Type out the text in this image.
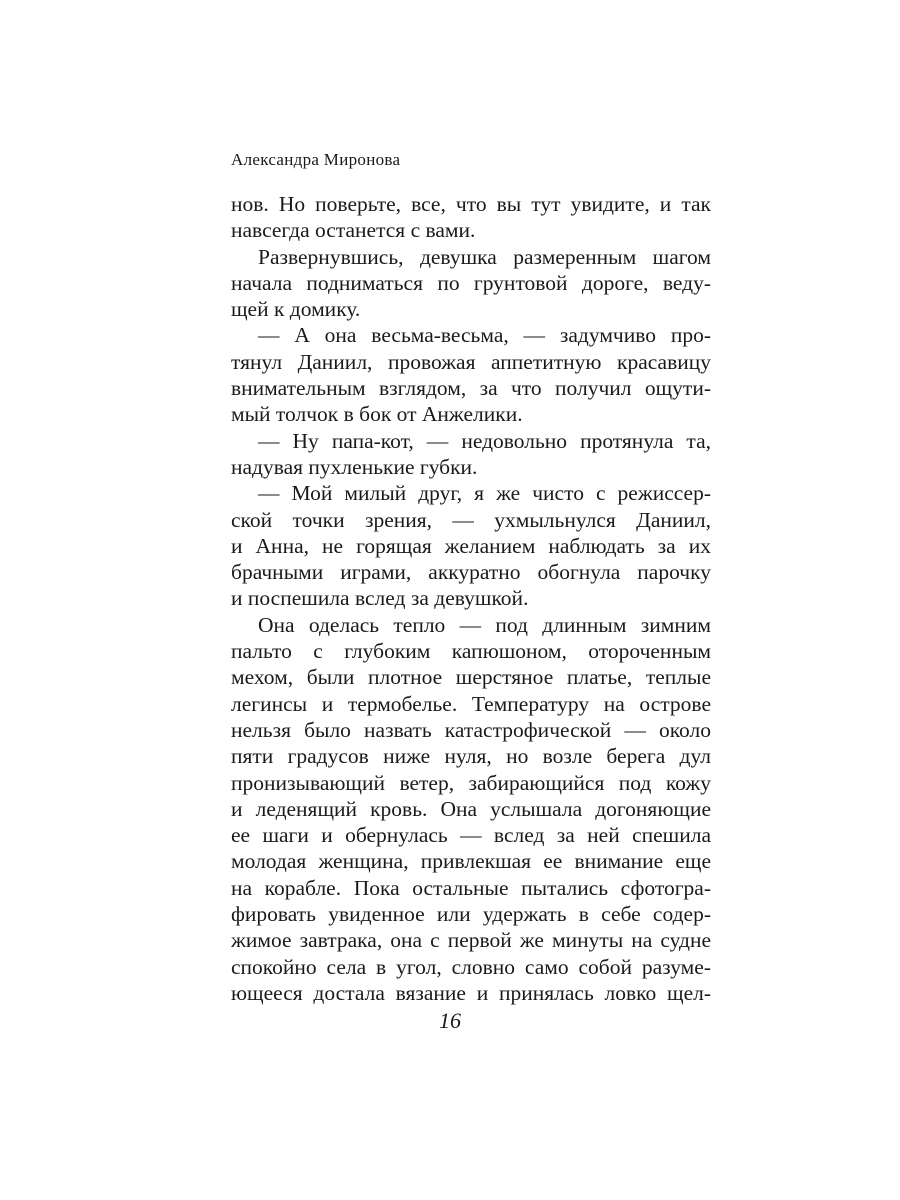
Александра Миронова
нов. Но поверьте, все, что вы тут увидите, и так
навсегда останется с вами.
Развернувшись, девушка размеренным шагом
начала подниматься по грунтовой дороге, веду-
щей к домику.
— А она весьма-весьма, — задумчиво про-
тянул Даниил, провожая аппетитную красавицу
внимательным взглядом, за что получил ощути-
мый толчок в бок от Анжелики.
— Ну папа-кот, — недовольно протянула та,
надувая пухленькие губки.
— Мой милый друг, я же чисто с режиссер-
ской точки зрения, — ухмыльнулся Даниил,
и Анна, не горящая желанием наблюдать за их
брачными играми, аккуратно обогнула парочку
и поспешила вслед за девушкой.
Она оделась тепло — под длинным зимним
пальто с глубоким капюшоном, отороченным
мехом, были плотное шерстяное платье, теплые
легинсы и термобелье. Температуру на острове
нельзя было назвать катастрофической — около
пяти градусов ниже нуля, но возле берега дул
пронизывающий ветер, забирающийся под кожу
и леденящий кровь. Она услышала догоняющие
ее шаги и обернулась — вслед за ней спешила
молодая женщина, привлекшая ее внимание еще
на корабле. Пока остальные пытались сфотогра-
фировать увиденное или удержать в себе содер-
жимое завтрака, она с первой же минуты на судне
спокойно села в угол, словно само собой разуме-
ющееся достала вязание и принялась ловко щел-
16
